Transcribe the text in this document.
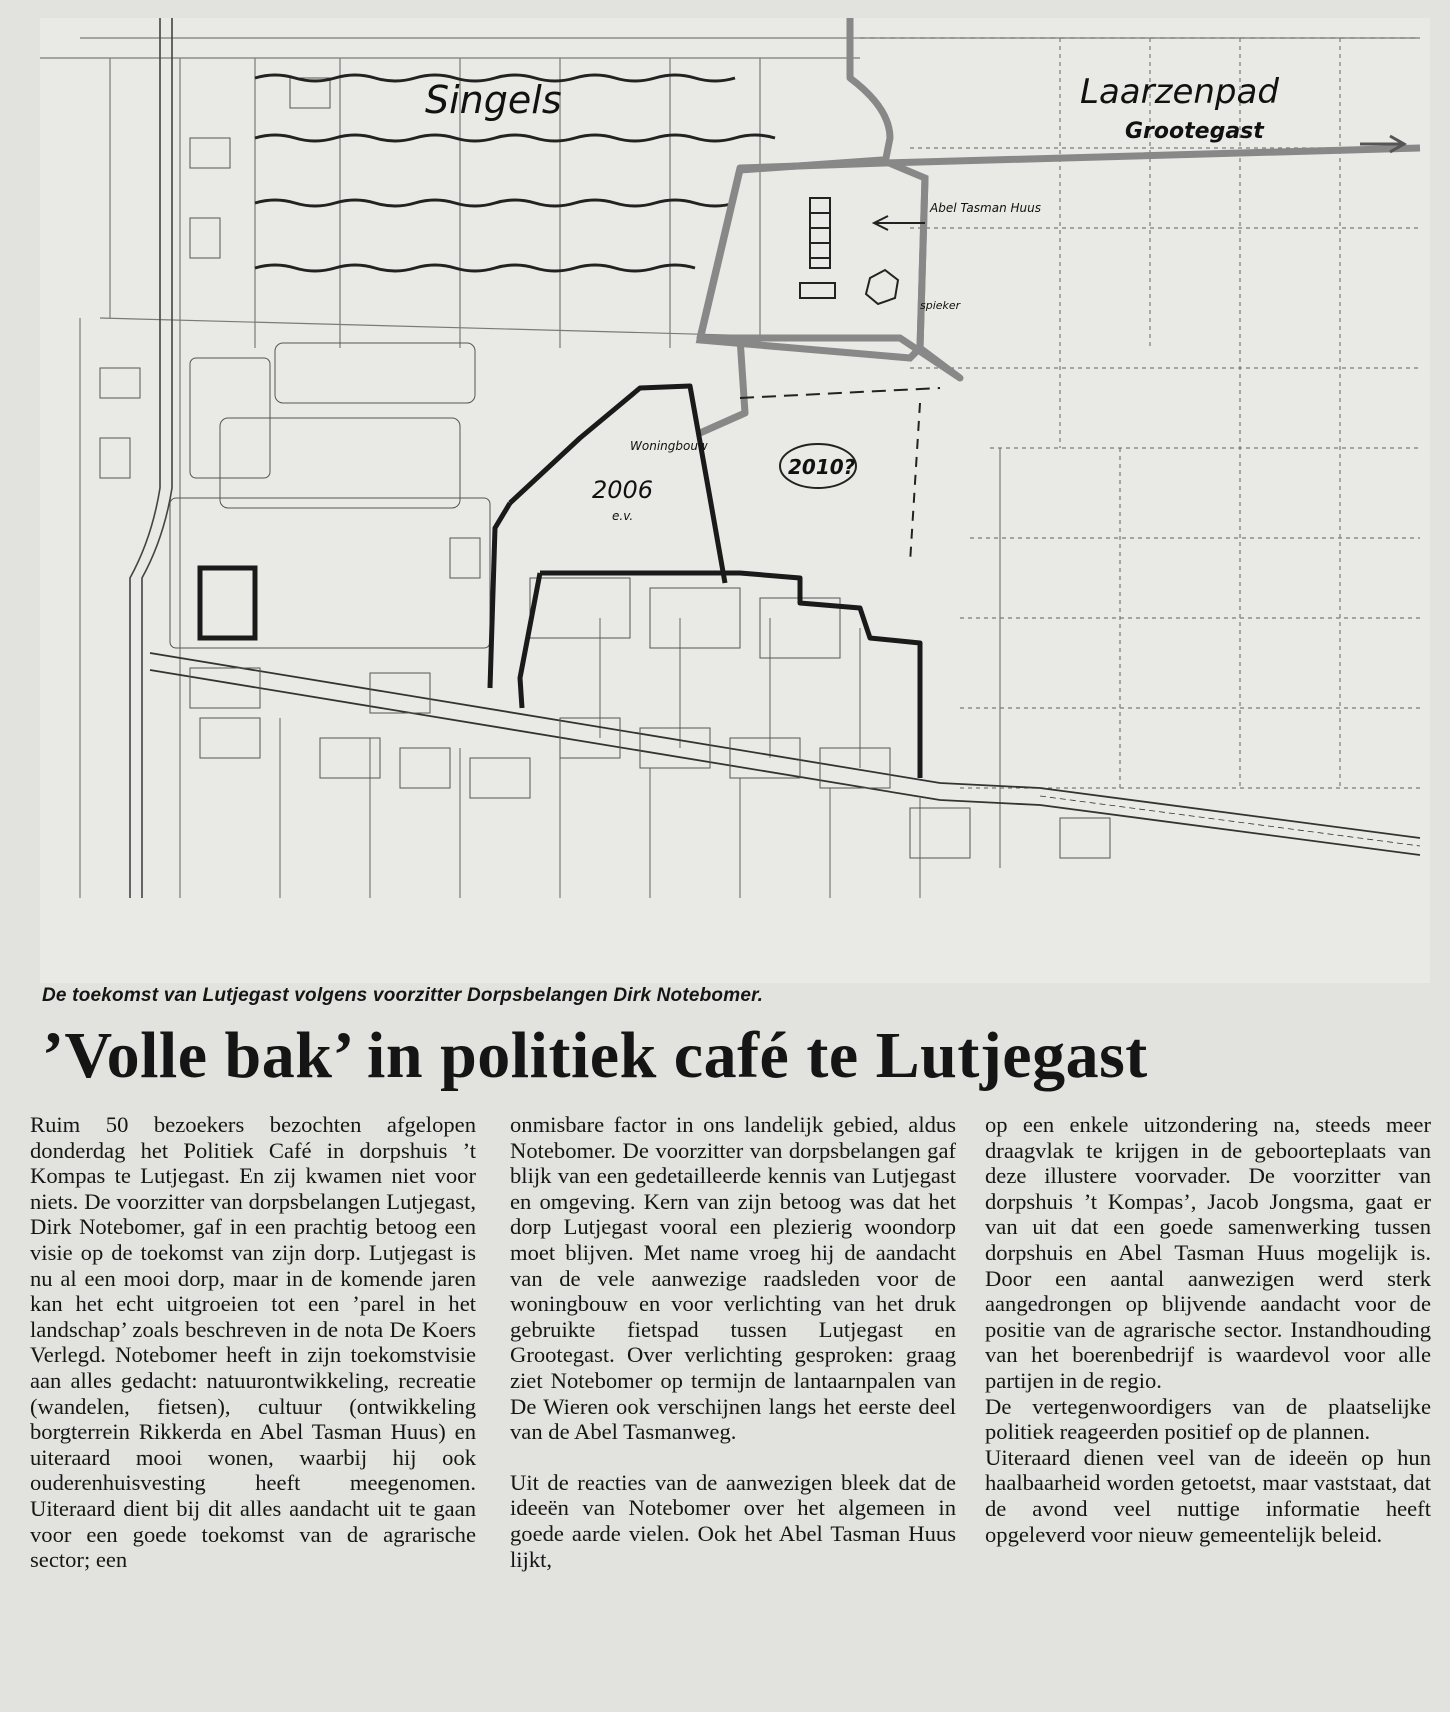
Singels	Laarzenpad
Grootegast
Abel Tasman Huus
spieker
Woningbouw
2006
e.v.
2010?
De toekomst van Lutjegast volgens voorzitter Dorpsbelangen Dirk Notebomer.
’Volle bak’ in politiek café te Lutjegast

Ruim 50 bezoekers bezochten afgelopen donderdag het Politiek Café in dorpshuis ’t Kompas te Lutjegast. En zij kwamen niet voor niets. De voorzitter van dorpsbelangen Lutjegast, Dirk Notebomer, gaf in een prachtig betoog een visie op de toekomst van zijn dorp. Lutjegast is nu al een mooi dorp, maar in de komende jaren kan het echt uitgroeien tot een ’parel in het landschap’ zoals beschreven in de nota De Koers Verlegd. Notebomer heeft in zijn toekomstvisie aan alles gedacht: natuurontwikkeling, recreatie (wandelen, fietsen), cultuur (ontwikkeling borgterrein Rikkerda en Abel Tasman Huus) en uiteraard mooi wonen, waarbij hij ook ouderenhuisvesting heeft meegenomen. Uiteraard dient bij dit alles aandacht uit te gaan voor een goede toekomst van de agrarische sector; een

onmisbare factor in ons landelijk gebied, aldus Notebomer. De voorzitter van dorpsbelangen gaf blijk van een gedetailleerde kennis van Lutjegast en omgeving. Kern van zijn betoog was dat het dorp Lutjegast vooral een plezierig woondorp moet blijven. Met name vroeg hij de aandacht van de vele aanwezige raadsleden voor de woningbouw en voor verlichting van het druk gebruikte fietspad tussen Lutjegast en Grootegast. Over verlichting gesproken: graag ziet Notebomer op termijn de lantaarnpalen van De Wieren ook verschijnen langs het eerste deel van de Abel Tasmanweg.

Uit de reacties van de aanwezigen bleek dat de ideeën van Notebomer over het algemeen in goede aarde vielen. Ook het Abel Tasman Huus lijkt,

op een enkele uitzondering na, steeds meer draagvlak te krijgen in de geboorteplaats van deze illustere voorvader. De voorzitter van dorpshuis ’t Kompas’, Jacob Jongsma, gaat er van uit dat een goede samenwerking tussen dorpshuis en Abel Tasman Huus mogelijk is. Door een aantal aanwezigen werd sterk aangedrongen op blijvende aandacht voor de positie van de agrarische sector. Instandhouding van het boerenbedrijf is waardevol voor alle partijen in de regio.

De vertegenwoordigers van de plaatselijke politiek reageerden positief op de plannen.

Uiteraard dienen veel van de ideeën op hun haalbaarheid worden getoetst, maar vaststaat, dat de avond veel nuttige informatie heeft opgeleverd voor nieuw gemeentelijk beleid.
